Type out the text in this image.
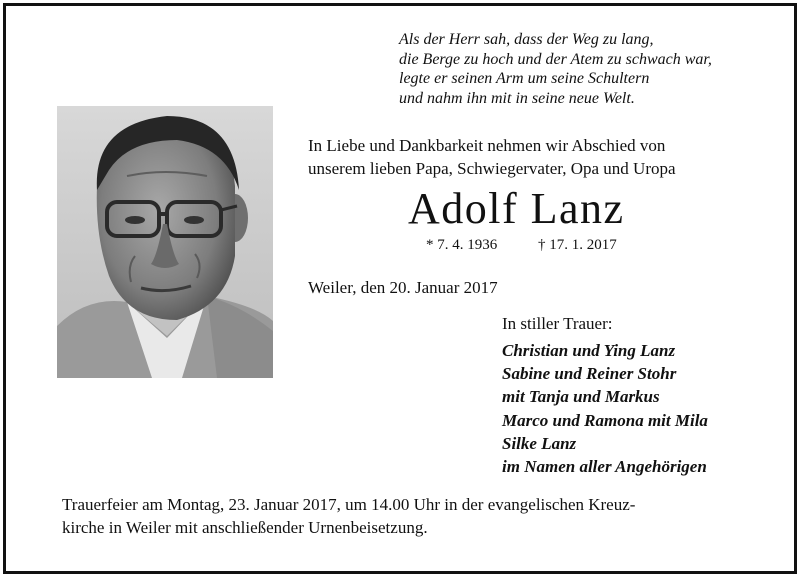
Als der Herr sah, dass der Weg zu lang,
die Berge zu hoch und der Atem zu schwach war,
legte er seinen Arm um seine Schultern
und nahm ihn mit in seine neue Welt.
In Liebe und Dankbarkeit nehmen wir Abschied von
unserem lieben Papa, Schwiegervater, Opa und Uropa
Adolf Lanz
* 7. 4. 1936	† 17. 1. 2017
Weiler, den 20. Januar 2017
In stiller Trauer:
Christian und Ying Lanz
Sabine und Reiner Stohr
mit Tanja und Markus
Marco und Ramona mit Mila
Silke Lanz
im Namen aller Angehörigen
Trauerfeier am Montag, 23. Januar 2017, um 14.00 Uhr in der evangelischen Kreuz-
kirche in Weiler mit anschließender Urnenbeisetzung.
